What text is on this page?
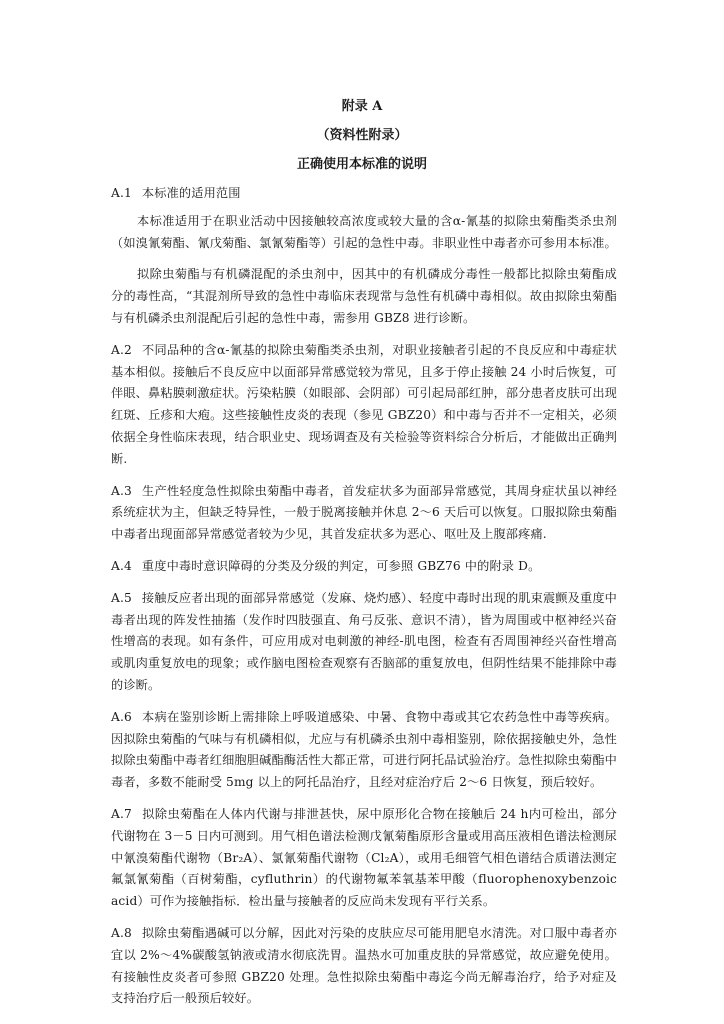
附录 A
（资料性附录）
正确使用本标准的说明

A.1 本标准的适用范围

本标准适用于在职业活动中因接触较高浓度或较大量的含α-氰基的拟除虫菊酯类杀虫剂（如溴氰菊酯、氰戊菊酯、氯氰菊酯等）引起的急性中毒。非职业性中毒者亦可参用本标准。

拟除虫菊酯与有机磷混配的杀虫剂中，因其中的有机磷成分毒性一般都比拟除虫菊酯成分的毒性高，“其混剂所导致的急性中毒临床表现常与急性有机磷中毒相似。故由拟除虫菊酯与有机磷杀虫剂混配后引起的急性中毒，需参用 GBZ8 进行诊断。

A.2 不同品种的含α-氰基的拟除虫菊酯类杀虫剂，对职业接触者引起的不良反应和中毒症状基本相似。接触后不良反应中以面部异常感觉较为常见，且多于停止接触 24 小时后恢复，可伴眼、鼻粘膜刺激症状。污染粘膜（如眼部、会阴部）可引起局部红肿，部分患者皮肤可出现红斑、丘疹和大疱。这些接触性皮炎的表现（参见 GBZ20）和中毒与否并不一定相关，必须依据全身性临床表现，结合职业史、现场调查及有关检验等资料综合分析后，才能做出正确判断.

A.3 生产性轻度急性拟除虫菊酯中毒者，首发症状多为面部异常感觉，其周身症状虽以神经系统症状为主，但缺乏特异性，一般于脱离接触并休息 2～6 天后可以恢复。口服拟除虫菊酯中毒者出现面部异常感觉者较为少见，其首发症状多为恶心、呕吐及上腹部疼痛.

A.4 重度中毒时意识障碍的分类及分级的判定，可参照 GBZ76 中的附录 D。

A.5 接触反应者出现的面部异常感觉（发麻、烧灼感）、轻度中毒时出现的肌束震颤及重度中毒者出现的阵发性抽搐（发作时四肢强直、角弓反张、意识不清），皆为周围或中枢神经兴奋性增高的表现。如有条件，可应用成对电刺激的神经-肌电图，检查有否周围神经兴奋性增高或肌肉重复放电的现象；或作脑电图检查观察有否脑部的重复放电，但阴性结果不能排除中毒的诊断。

A.6 本病在鉴别诊断上需排除上呼吸道感染、中暑、食物中毒或其它农药急性中毒等疾病。因拟除虫菊酯的气味与有机磷相似，尤应与有机磷杀虫剂中毒相鉴别，除依据接触史外，急性拟除虫菊酯中毒者红细胞胆碱酯酶活性大都正常，可进行阿托品试验治疗。急性拟除虫菊酯中毒者，多数不能耐受 5mg 以上的阿托品治疗，且经对症治疗后 2～6 日恢复，预后较好。

A.7 拟除虫菊酯在人体内代谢与排泄甚快，尿中原形化合物在接触后 24 h内可检出，部分代谢物在 3－5 日内可测到。用气相色谱法检测戊氰菊酯原形含量或用高压液相色谱法检测尿中氰溴菊酯代谢物（Br₂A）、氯氰菊酯代谢物（Cl₂A），或用毛细管气相色谱结合质谱法测定氟氯氰菊酯（百树菊酯，cyfluthrin）的代谢物氟苯氧基苯甲酸（fluorophenoxybenzoic acid）可作为接触指标．检出量与接触者的反应尚未发现有平行关系。

A.8 拟除虫菊酯遇碱可以分解，因此对污染的皮肤应尽可能用肥皂水清洗。对口服中毒者亦宜以 2%～4%碳酸氢钠液或清水彻底洗胃。温热水可加重皮肤的异常感觉，故应避免使用。有接触性皮炎者可参照 GBZ20 处理。急性拟除虫菊酯中毒迄今尚无解毒治疗，给予对症及支持治疗后一般预后较好。
